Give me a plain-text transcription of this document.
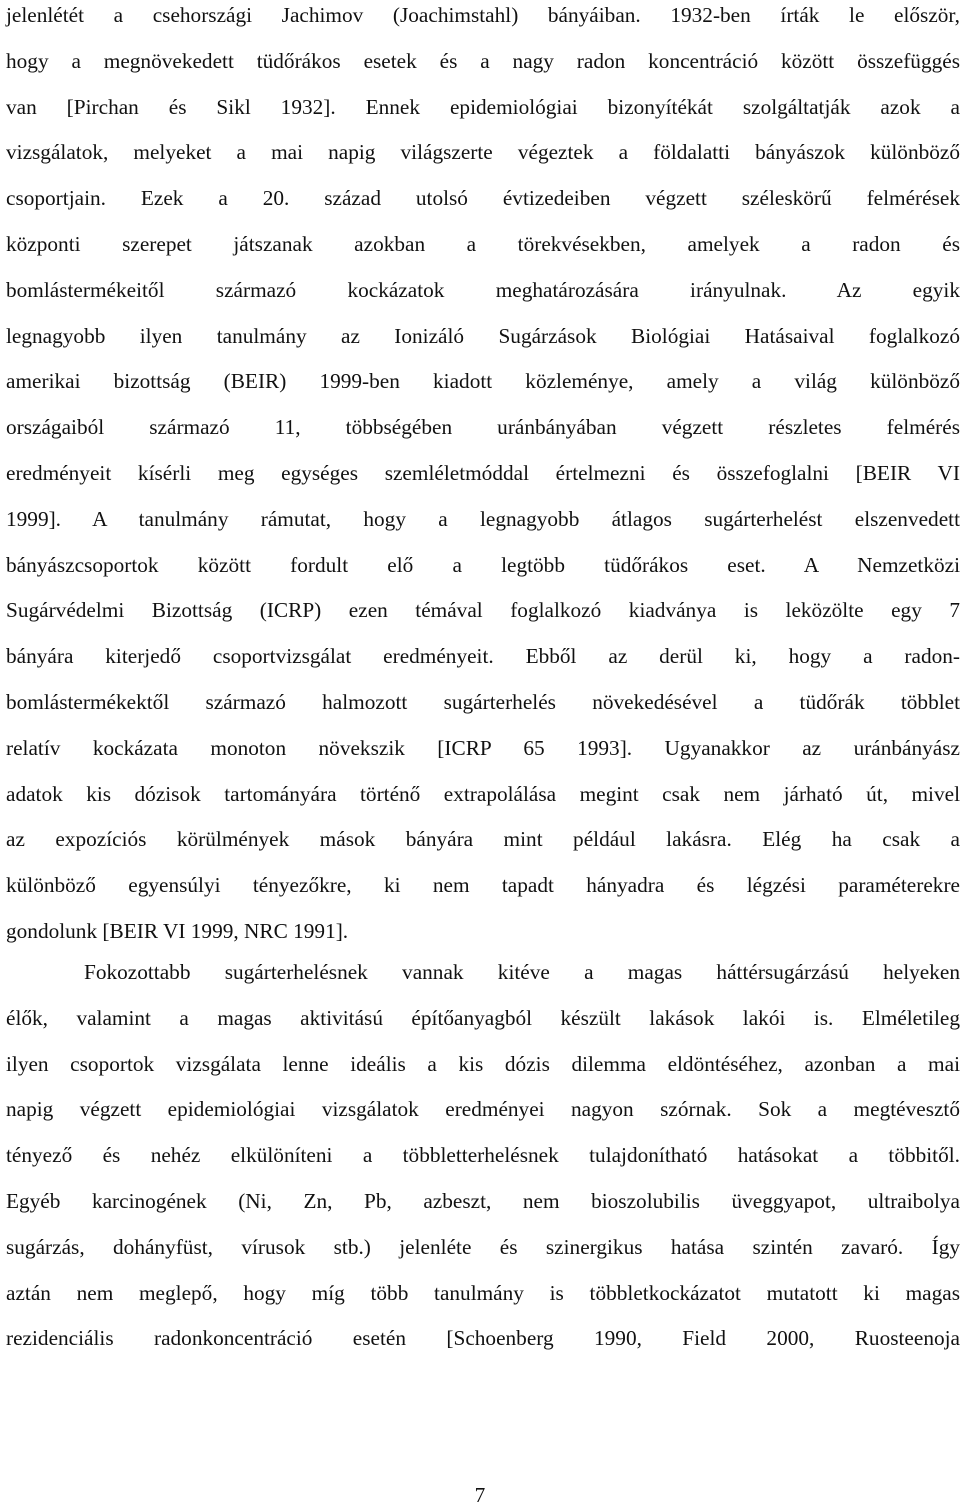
jelenlétét a csehországi Jachimov (Joachimstahl) bányáiban. 1932-ben írták le először,
hogy a megnövekedett tüdőrákos esetek és a nagy radon koncentráció között összefüggés
van [Pirchan és Sikl 1932]. Ennek epidemiológiai bizonyítékát szolgáltatják azok a
vizsgálatok, melyeket a mai napig világszerte végeztek a földalatti bányászok különböző
csoportjain. Ezek a 20. század utolsó évtizedeiben végzett széleskörű felmérések
központi szerepet játszanak azokban a törekvésekben, amelyek a radon és
bomlástermékeitől származó kockázatok meghatározására irányulnak. Az egyik
legnagyobb ilyen tanulmány az Ionizáló Sugárzások Biológiai Hatásaival foglalkozó
amerikai bizottság (BEIR) 1999-ben kiadott közleménye, amely a világ különböző
országaiból származó 11, többségében uránbányában végzett részletes felmérés
eredményeit kísérli meg egységes szemléletmóddal értelmezni és összefoglalni [BEIR VI
1999]. A tanulmány rámutat, hogy a legnagyobb átlagos sugárterhelést elszenvedett
bányászcsoportok között fordult elő a legtöbb tüdőrákos eset. A Nemzetközi
Sugárvédelmi Bizottság (ICRP) ezen témával foglalkozó kiadványa is leközölte egy 7
bányára kiterjedő csoportvizsgálat eredményeit. Ebből az derül ki, hogy a radon-
bomlástermékektől származó halmozott sugárterhelés növekedésével a tüdőrák többlet
relatív kockázata monoton növekszik [ICRP 65 1993]. Ugyanakkor az uránbányász
adatok kis dózisok tartományára történő extrapolálása megint csak nem járható út, mivel
az expozíciós körülmények mások bányára mint például lakásra. Elég ha csak a
különböző egyensúlyi tényezőkre, ki nem tapadt hányadra és légzési paraméterekre
gondolunk [BEIR VI 1999, NRC 1991].
Fokozottabb sugárterhelésnek vannak kitéve a magas háttérsugárzású helyeken
élők, valamint a magas aktivitású építőanyagból készült lakások lakói is. Elméletileg
ilyen csoportok vizsgálata lenne ideális a kis dózis dilemma eldöntéséhez, azonban a mai
napig végzett epidemiológiai vizsgálatok eredményei nagyon szórnak. Sok a megtévesztő
tényező és nehéz elkülöníteni a többletterhelésnek tulajdonítható hatásokat a többitől.
Egyéb karcinogének (Ni, Zn, Pb, azbeszt, nem bioszolubilis üveggyapot, ultraibolya
sugárzás, dohányfüst, vírusok stb.) jelenléte és szinergikus hatása szintén zavaró. Így
aztán nem meglepő, hogy míg több tanulmány is többletkockázatot mutatott ki magas
rezidenciális radonkoncentráció esetén [Schoenberg 1990, Field 2000, Ruosteenoja
7
